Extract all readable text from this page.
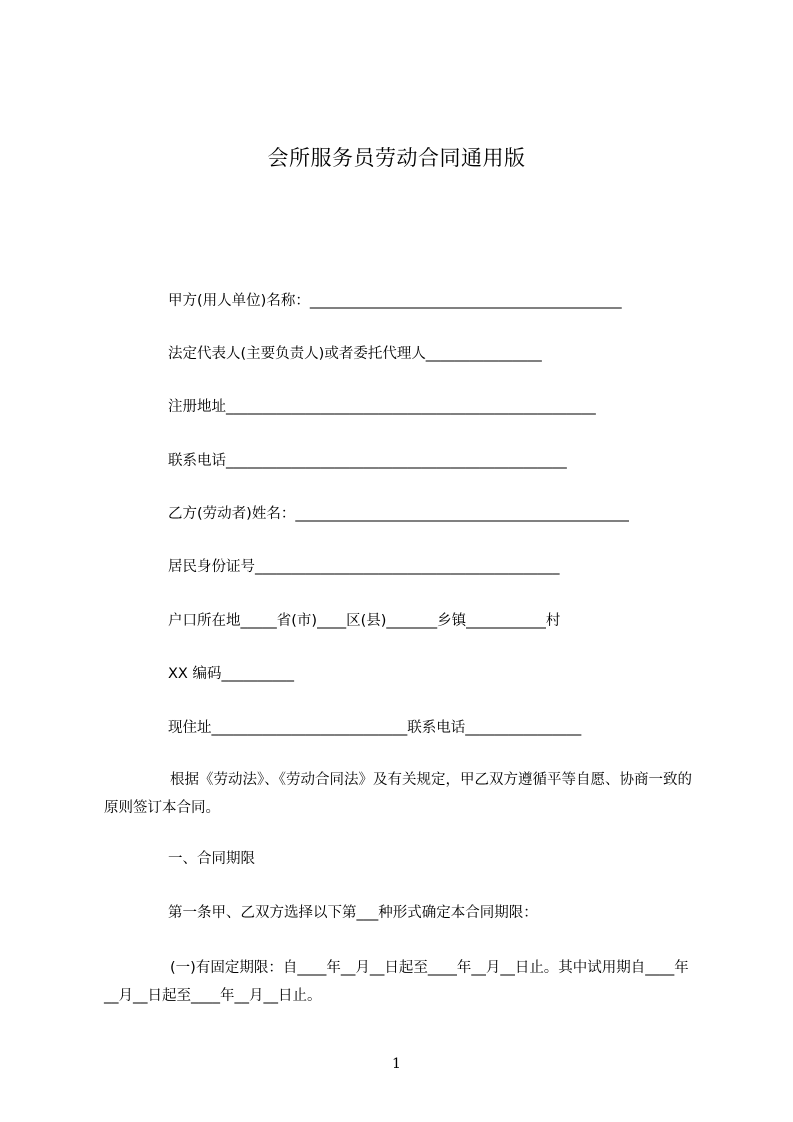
会所服务员劳动合同通用版
甲方(用人单位)名称：___________________________________________
法定代表人(主要负责人)或者委托代理人________________
注册地址___________________________________________________
联系电话_______________________________________________
乙方(劳动者)姓名：______________________________________________
居民身份证号__________________________________________
户口所在地_____省(市)____区(县)_______乡镇___________村
XX 编码__________
现住址___________________________联系电话________________
根据《劳动法》、《劳动合同法》及有关规定，甲乙双方遵循平等自愿、协商一致的原则签订本合同。
一、合同期限
第一条甲、乙双方选择以下第___种形式确定本合同期限：
(一)有固定期限：自____年__月__日起至____年__月__日止。其中试用期自____年__月__日起至____年__月__日止。
1
